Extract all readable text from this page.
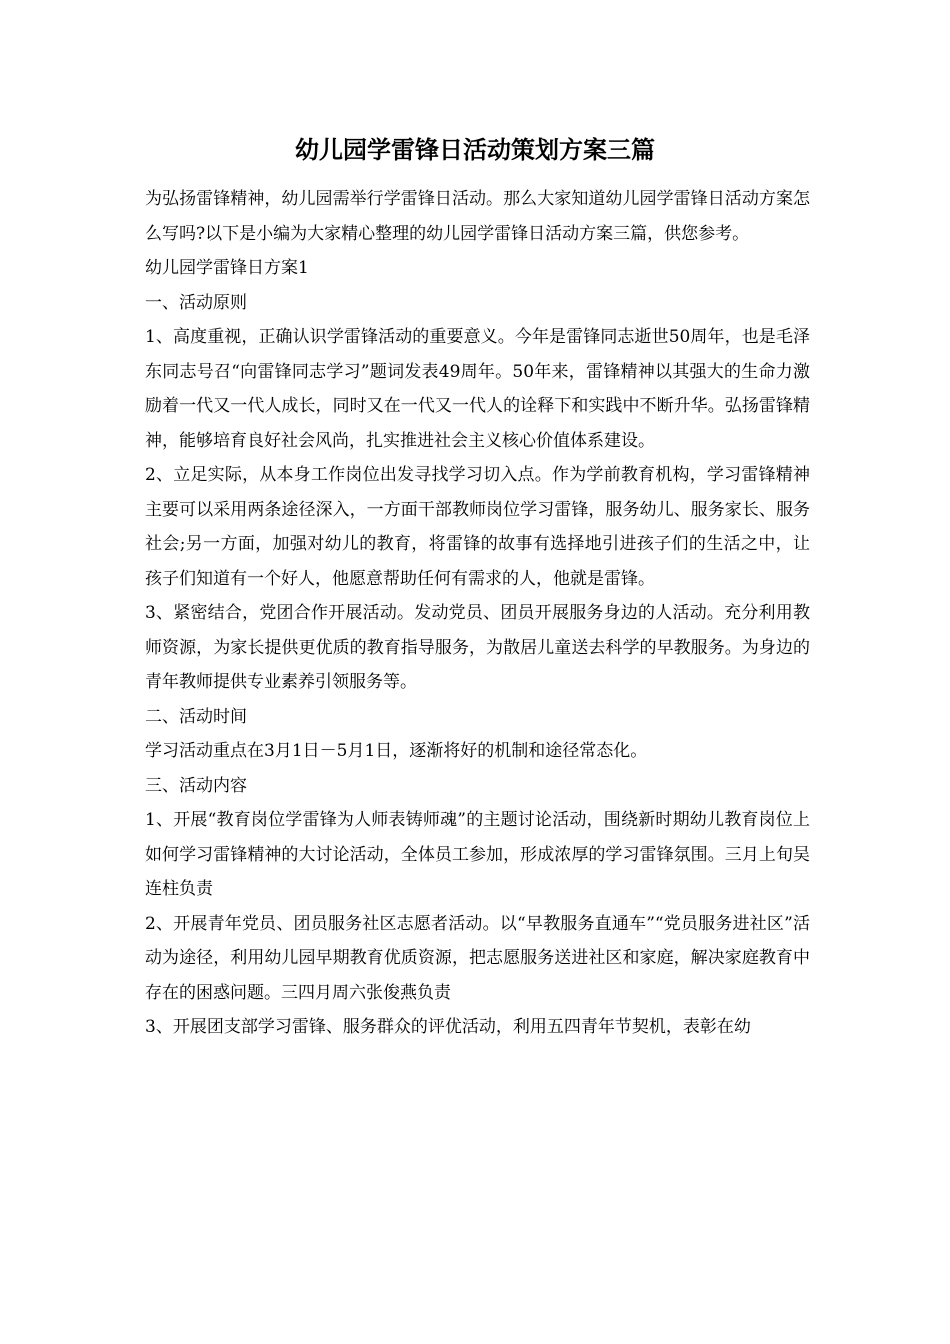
幼儿园学雷锋日活动策划方案三篇

为弘扬雷锋精神，幼儿园需举行学雷锋日活动。那么大家知道幼儿园学雷锋日活动方案怎么写吗?以下是小编为大家精心整理的幼儿园学雷锋日活动方案三篇，供您参考。

幼儿园学雷锋日方案1

一、活动原则

1、高度重视，正确认识学雷锋活动的重要意义。今年是雷锋同志逝世50周年，也是毛泽东同志号召“向雷锋同志学习”题词发表49周年。50年来，雷锋精神以其强大的生命力激励着一代又一代人成长，同时又在一代又一代人的诠释下和实践中不断升华。弘扬雷锋精神，能够培育良好社会风尚，扎实推进社会主义核心价值体系建设。

2、立足实际，从本身工作岗位出发寻找学习切入点。作为学前教育机构，学习雷锋精神主要可以采用两条途径深入，一方面干部教师岗位学习雷锋，服务幼儿、服务家长、服务社会;另一方面，加强对幼儿的教育，将雷锋的故事有选择地引进孩子们的生活之中，让孩子们知道有一个好人，他愿意帮助任何有需求的人，他就是雷锋。

3、紧密结合，党团合作开展活动。发动党员、团员开展服务身边的人活动。充分利用教师资源，为家长提供更优质的教育指导服务，为散居儿童送去科学的早教服务。为身边的青年教师提供专业素养引领服务等。

二、活动时间

学习活动重点在3月1日－5月1日，逐渐将好的机制和途径常态化。

三、活动内容

1、开展“教育岗位学雷锋为人师表铸师魂”的主题讨论活动，围绕新时期幼儿教育岗位上如何学习雷锋精神的大讨论活动，全体员工参加，形成浓厚的学习雷锋氛围。三月上旬吴连柱负责

2、开展青年党员、团员服务社区志愿者活动。以“早教服务直通车”“党员服务进社区”活动为途径，利用幼儿园早期教育优质资源，把志愿服务送进社区和家庭，解决家庭教育中存在的困惑问题。三四月周六张俊燕负责

3、开展团支部学习雷锋、服务群众的评优活动，利用五四青年节契机，表彰在幼
